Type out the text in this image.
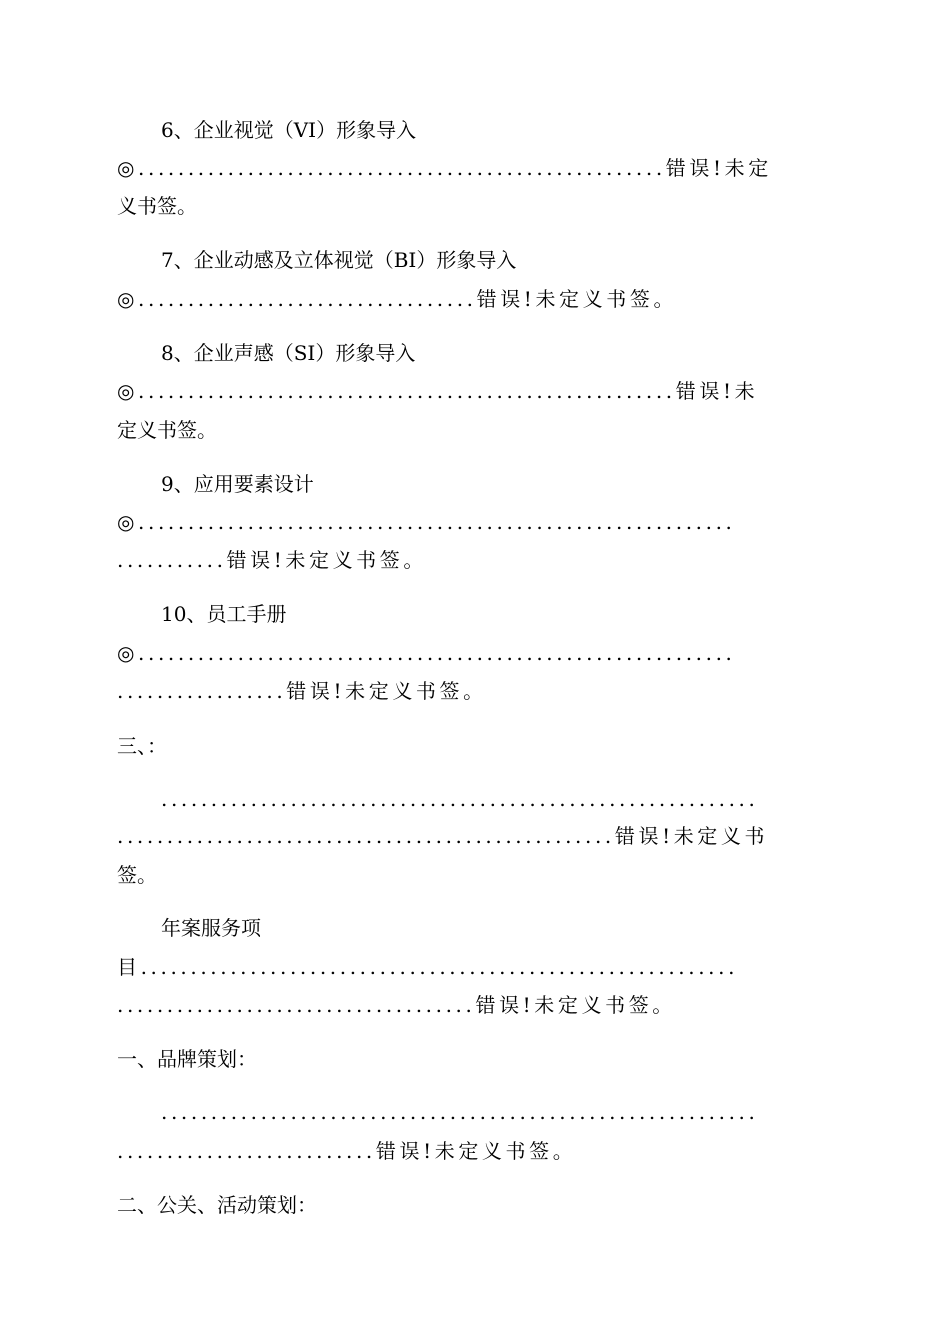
6、企业视觉（VI）形象导入
◎.....................................................错误!未定
义书签。
7、企业动感及立体视觉（BI）形象导入
◎..................................错误!未定义书签。
8、企业声感（SI）形象导入
◎......................................................错误!未
定义书签。
9、应用要素设计
◎............................................................
...........错误!未定义书签。
10、员工手册
◎............................................................
.................错误!未定义书签。
三、：
............................................................
..................................................错误!未定义书
签。
年案服务项
目............................................................
....................................错误!未定义书签。
一、品牌策划：
............................................................
..........................错误!未定义书签。
二、公关、活动策划：
